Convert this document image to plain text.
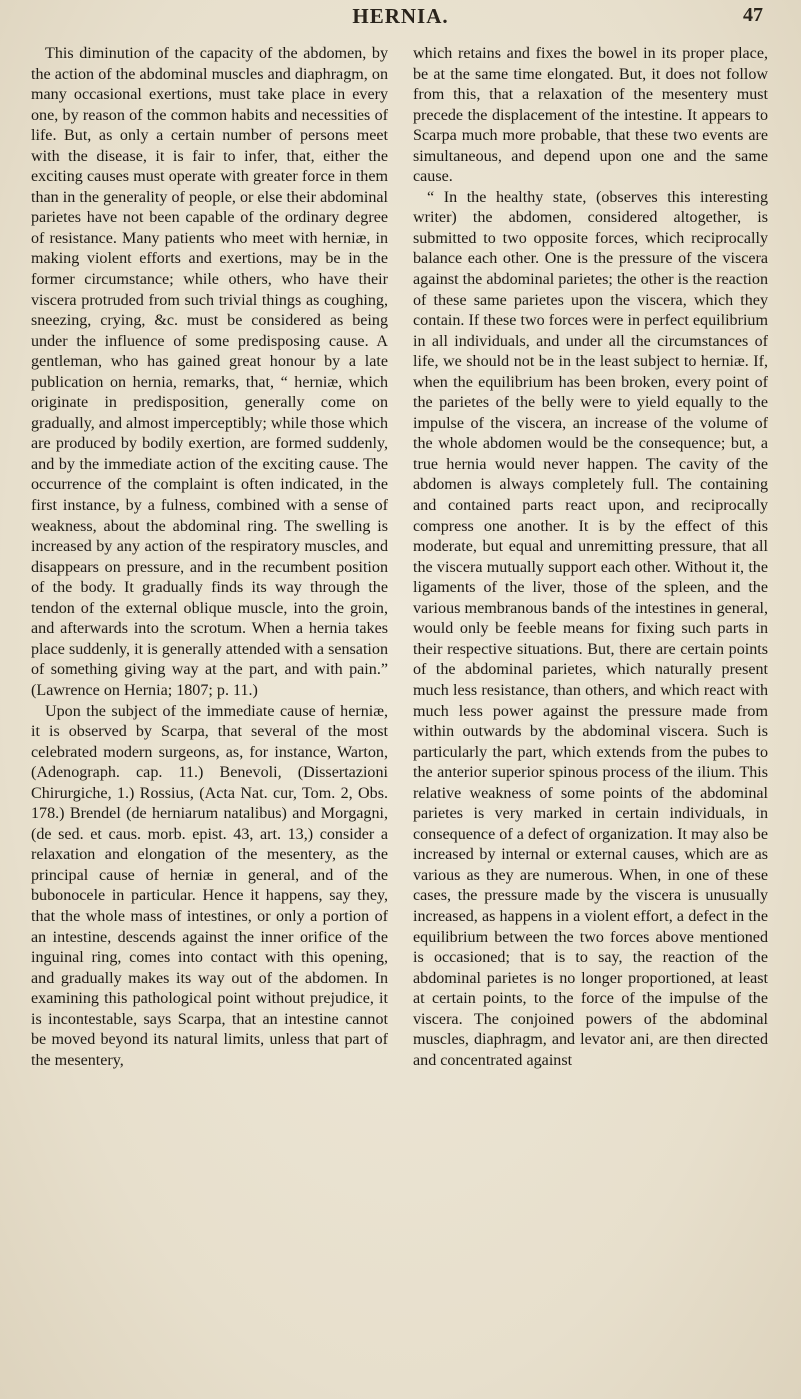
HERNIA.	47

This diminution of the capacity of the abdomen, by the action of the abdominal muscles and diaphragm, on many occasional exertions, must take place in every one, by reason of the common habits and necessities of life. But, as only a certain number of persons meet with the disease, it is fair to infer, that, either the exciting causes must operate with greater force in them than in the generality of people, or else their abdominal parietes have not been capable of the ordinary degree of resistance. Many patients who meet with herniæ, in making violent efforts and exertions, may be in the former circumstance; while others, who have their viscera protruded from such trivial things as coughing, sneezing, crying, &c. must be considered as being under the influence of some predisposing cause. A gentleman, who has gained great honour by a late publication on hernia, remarks, that, “ herniæ, which originate in predisposition, generally come on gradually, and almost imperceptibly; while those which are produced by bodily exertion, are formed suddenly, and by the immediate action of the exciting cause. The occurrence of the complaint is often indicated, in the first instance, by a fulness, combined with a sense of weakness, about the abdominal ring. The swelling is increased by any action of the respiratory muscles, and disappears on pressure, and in the recumbent position of the body. It gradually finds its way through the tendon of the external oblique muscle, into the groin, and afterwards into the scrotum. When a hernia takes place suddenly, it is generally attended with a sensation of something giving way at the part, and with pain.” (Lawrence on Hernia; 1807; p. 11.)

Upon the subject of the immediate cause of herniæ, it is observed by Scarpa, that several of the most celebrated modern surgeons, as, for instance, Warton, (Adenograph. cap. 11.) Benevoli, (Dissertazioni Chirurgiche, 1.) Rossius, (Acta Nat. cur, Tom. 2, Obs. 178.) Brendel (de herniarum natalibus) and Morgagni, (de sed. et caus. morb. epist. 43, art. 13,) consider a relaxation and elongation of the mesentery, as the principal cause of herniæ in general, and of the bubonocele in particular. Hence it happens, say they, that the whole mass of intestines, or only a portion of an intestine, descends against the inner orifice of the inguinal ring, comes into contact with this opening, and gradually makes its way out of the abdomen. In examining this pathological point without prejudice, it is incontestable, says Scarpa, that an intestine cannot be moved beyond its natural limits, unless that part of the mesentery,

which retains and fixes the bowel in its proper place, be at the same time elongated. But, it does not follow from this, that a relaxation of the mesentery must precede the displacement of the intestine. It appears to Scarpa much more probable, that these two events are simultaneous, and depend upon one and the same cause.

“ In the healthy state, (observes this interesting writer) the abdomen, considered altogether, is submitted to two opposite forces, which reciprocally balance each other. One is the pressure of the viscera against the abdominal parietes; the other is the reaction of these same parietes upon the viscera, which they contain. If these two forces were in perfect equilibrium in all individuals, and under all the circumstances of life, we should not be in the least subject to herniæ. If, when the equilibrium has been broken, every point of the parietes of the belly were to yield equally to the impulse of the viscera, an increase of the volume of the whole abdomen would be the consequence; but, a true hernia would never happen. The cavity of the abdomen is always completely full. The containing and contained parts react upon, and reciprocally compress one another. It is by the effect of this moderate, but equal and unremitting pressure, that all the viscera mutually support each other. Without it, the ligaments of the liver, those of the spleen, and the various membranous bands of the intestines in general, would only be feeble means for fixing such parts in their respective situations. But, there are certain points of the abdominal parietes, which naturally present much less resistance, than others, and which react with much less power against the pressure made from within outwards by the abdominal viscera. Such is particularly the part, which extends from the pubes to the anterior superior spinous process of the ilium. This relative weakness of some points of the abdominal parietes is very marked in certain individuals, in consequence of a defect of organization. It may also be increased by internal or external causes, which are as various as they are numerous. When, in one of these cases, the pressure made by the viscera is unusually increased, as happens in a violent effort, a defect in the equilibrium between the two forces above mentioned is occasioned; that is to say, the reaction of the abdominal parietes is no longer proportioned, at least at certain points, to the force of the impulse of the viscera. The conjoined powers of the abdominal muscles, diaphragm, and levator ani, are then directed and concentrated against
